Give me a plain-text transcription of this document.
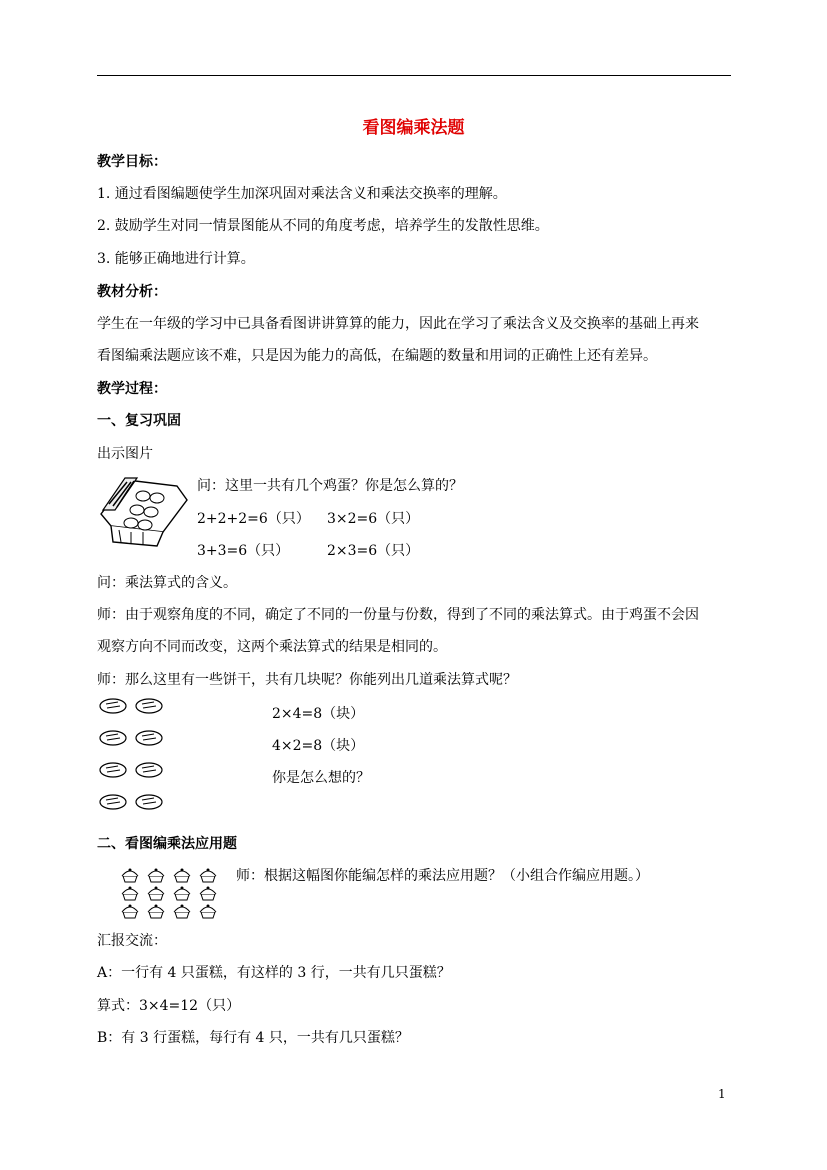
看图编乘法题
教学目标：
1. 通过看图编题使学生加深巩固对乘法含义和乘法交换率的理解。
2. 鼓励学生对同一情景图能从不同的角度考虑，培养学生的发散性思维。
3. 能够正确地进行计算。
教材分析：
学生在一年级的学习中已具备看图讲讲算算的能力，因此在学习了乘法含义及交换率的基础上再来
看图编乘法题应该不难，只是因为能力的高低，在编题的数量和用词的正确性上还有差异。
教学过程：
一、复习巩固
出示图片
问：这里一共有几个鸡蛋？你是怎么算的？
2+2+2=6（只） 3×2=6（只）
3+3=6（只）	2×3=6（只）
问：乘法算式的含义。
师：由于观察角度的不同，确定了不同的一份量与份数，得到了不同的乘法算式。由于鸡蛋不会因
观察方向不同而改变，这两个乘法算式的结果是相同的。
师：那么这里有一些饼干，共有几块呢？你能列出几道乘法算式呢？
2×4=8（块）
4×2=8（块）
你是怎么想的？
二、看图编乘法应用题
师：根据这幅图你能编怎样的乘法应用题？（小组合作编应用题。）
汇报交流：
A：一行有 4 只蛋糕，有这样的 3 行，一共有几只蛋糕？
算式：3×4=12（只）
B：有 3 行蛋糕，每行有 4 只，一共有几只蛋糕？
1
